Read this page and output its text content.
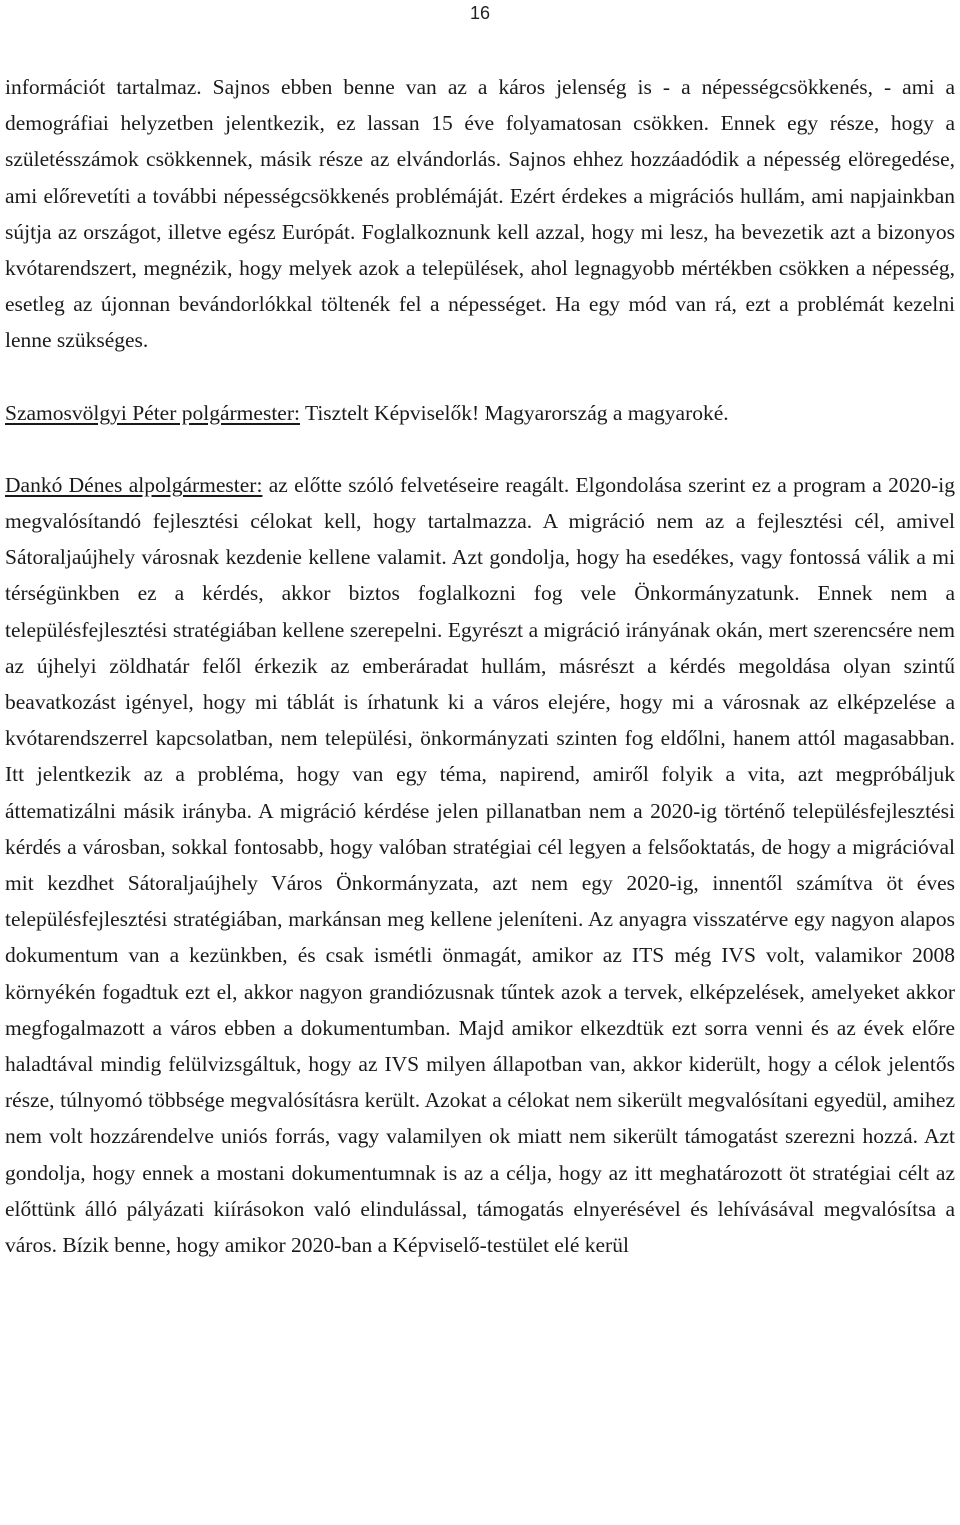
16

információt tartalmaz. Sajnos ebben benne van az a káros jelenség is - a népességcsökkenés, - ami a demográfiai helyzetben jelentkezik, ez lassan 15 éve folyamatosan csökken. Ennek egy része, hogy a születésszámok csökkennek, másik része az elvándorlás. Sajnos ehhez hozzáadódik a népesség elöregedése, ami előrevetíti a további népességcsökkenés problémáját. Ezért érdekes a migrációs hullám, ami napjainkban sújtja az országot, illetve egész Európát. Foglalkoznunk kell azzal, hogy mi lesz, ha bevezetik azt a bizonyos kvótarendszert, megnézik, hogy melyek azok a települések, ahol legnagyobb mértékben csökken a népesség, esetleg az újonnan bevándorlókkal töltenék fel a népességet. Ha egy mód van rá, ezt a problémát kezelni lenne szükséges.

Szamosvölgyi Péter polgármester: Tisztelt Képviselők! Magyarország a magyaroké.

Dankó Dénes alpolgármester: az előtte szóló felvetéseire reagált. Elgondolása szerint ez a program a 2020-ig megvalósítandó fejlesztési célokat kell, hogy tartalmazza. A migráció nem az a fejlesztési cél, amivel Sátoraljaújhely városnak kezdenie kellene valamit. Azt gondolja, hogy ha esedékes, vagy fontossá válik a mi térségünkben ez a kérdés, akkor biztos foglalkozni fog vele Önkormányzatunk. Ennek nem a településfejlesztési stratégiában kellene szerepelni. Egyrészt a migráció irányának okán, mert szerencsére nem az újhelyi zöldhatár felől érkezik az emberáradat hullám, másrészt a kérdés megoldása olyan szintű beavatkozást igényel, hogy mi táblát is írhatunk ki a város elejére, hogy mi a városnak az elképzelése a kvótarendszerrel kapcsolatban, nem települési, önkormányzati szinten fog eldőlni, hanem attól magasabban. Itt jelentkezik az a probléma, hogy van egy téma, napirend, amiről folyik a vita, azt megpróbáljuk áttematizálni másik irányba. A migráció kérdése jelen pillanatban nem a 2020-ig történő településfejlesztési kérdés a városban, sokkal fontosabb, hogy valóban stratégiai cél legyen a felsőoktatás, de hogy a migrációval mit kezdhet Sátoraljaújhely Város Önkormányzata, azt nem egy 2020-ig, innentől számítva öt éves településfejlesztési stratégiában, markánsan meg kellene jeleníteni. Az anyagra visszatérve egy nagyon alapos dokumentum van a kezünkben, és csak ismétli önmagát, amikor az ITS még IVS volt, valamikor 2008 környékén fogadtuk ezt el, akkor nagyon grandiózusnak tűntek azok a tervek, elképzelések, amelyeket akkor megfogalmazott a város ebben a dokumentumban. Majd amikor elkezdtük ezt sorra venni és az évek előre haladtával mindig felülvizsgáltuk, hogy az IVS milyen állapotban van, akkor kiderült, hogy a célok jelentős része, túlnyomó többsége megvalósításra került. Azokat a célokat nem sikerült megvalósítani egyedül, amihez nem volt hozzárendelve uniós forrás, vagy valamilyen ok miatt nem sikerült támogatást szerezni hozzá. Azt gondolja, hogy ennek a mostani dokumentumnak is az a célja, hogy az itt meghatározott öt stratégiai célt az előttünk álló pályázati kiírásokon való elindulással, támogatás elnyerésével és lehívásával megvalósítsa a város. Bízik benne, hogy amikor 2020-ban a Képviselő-testület elé kerül
